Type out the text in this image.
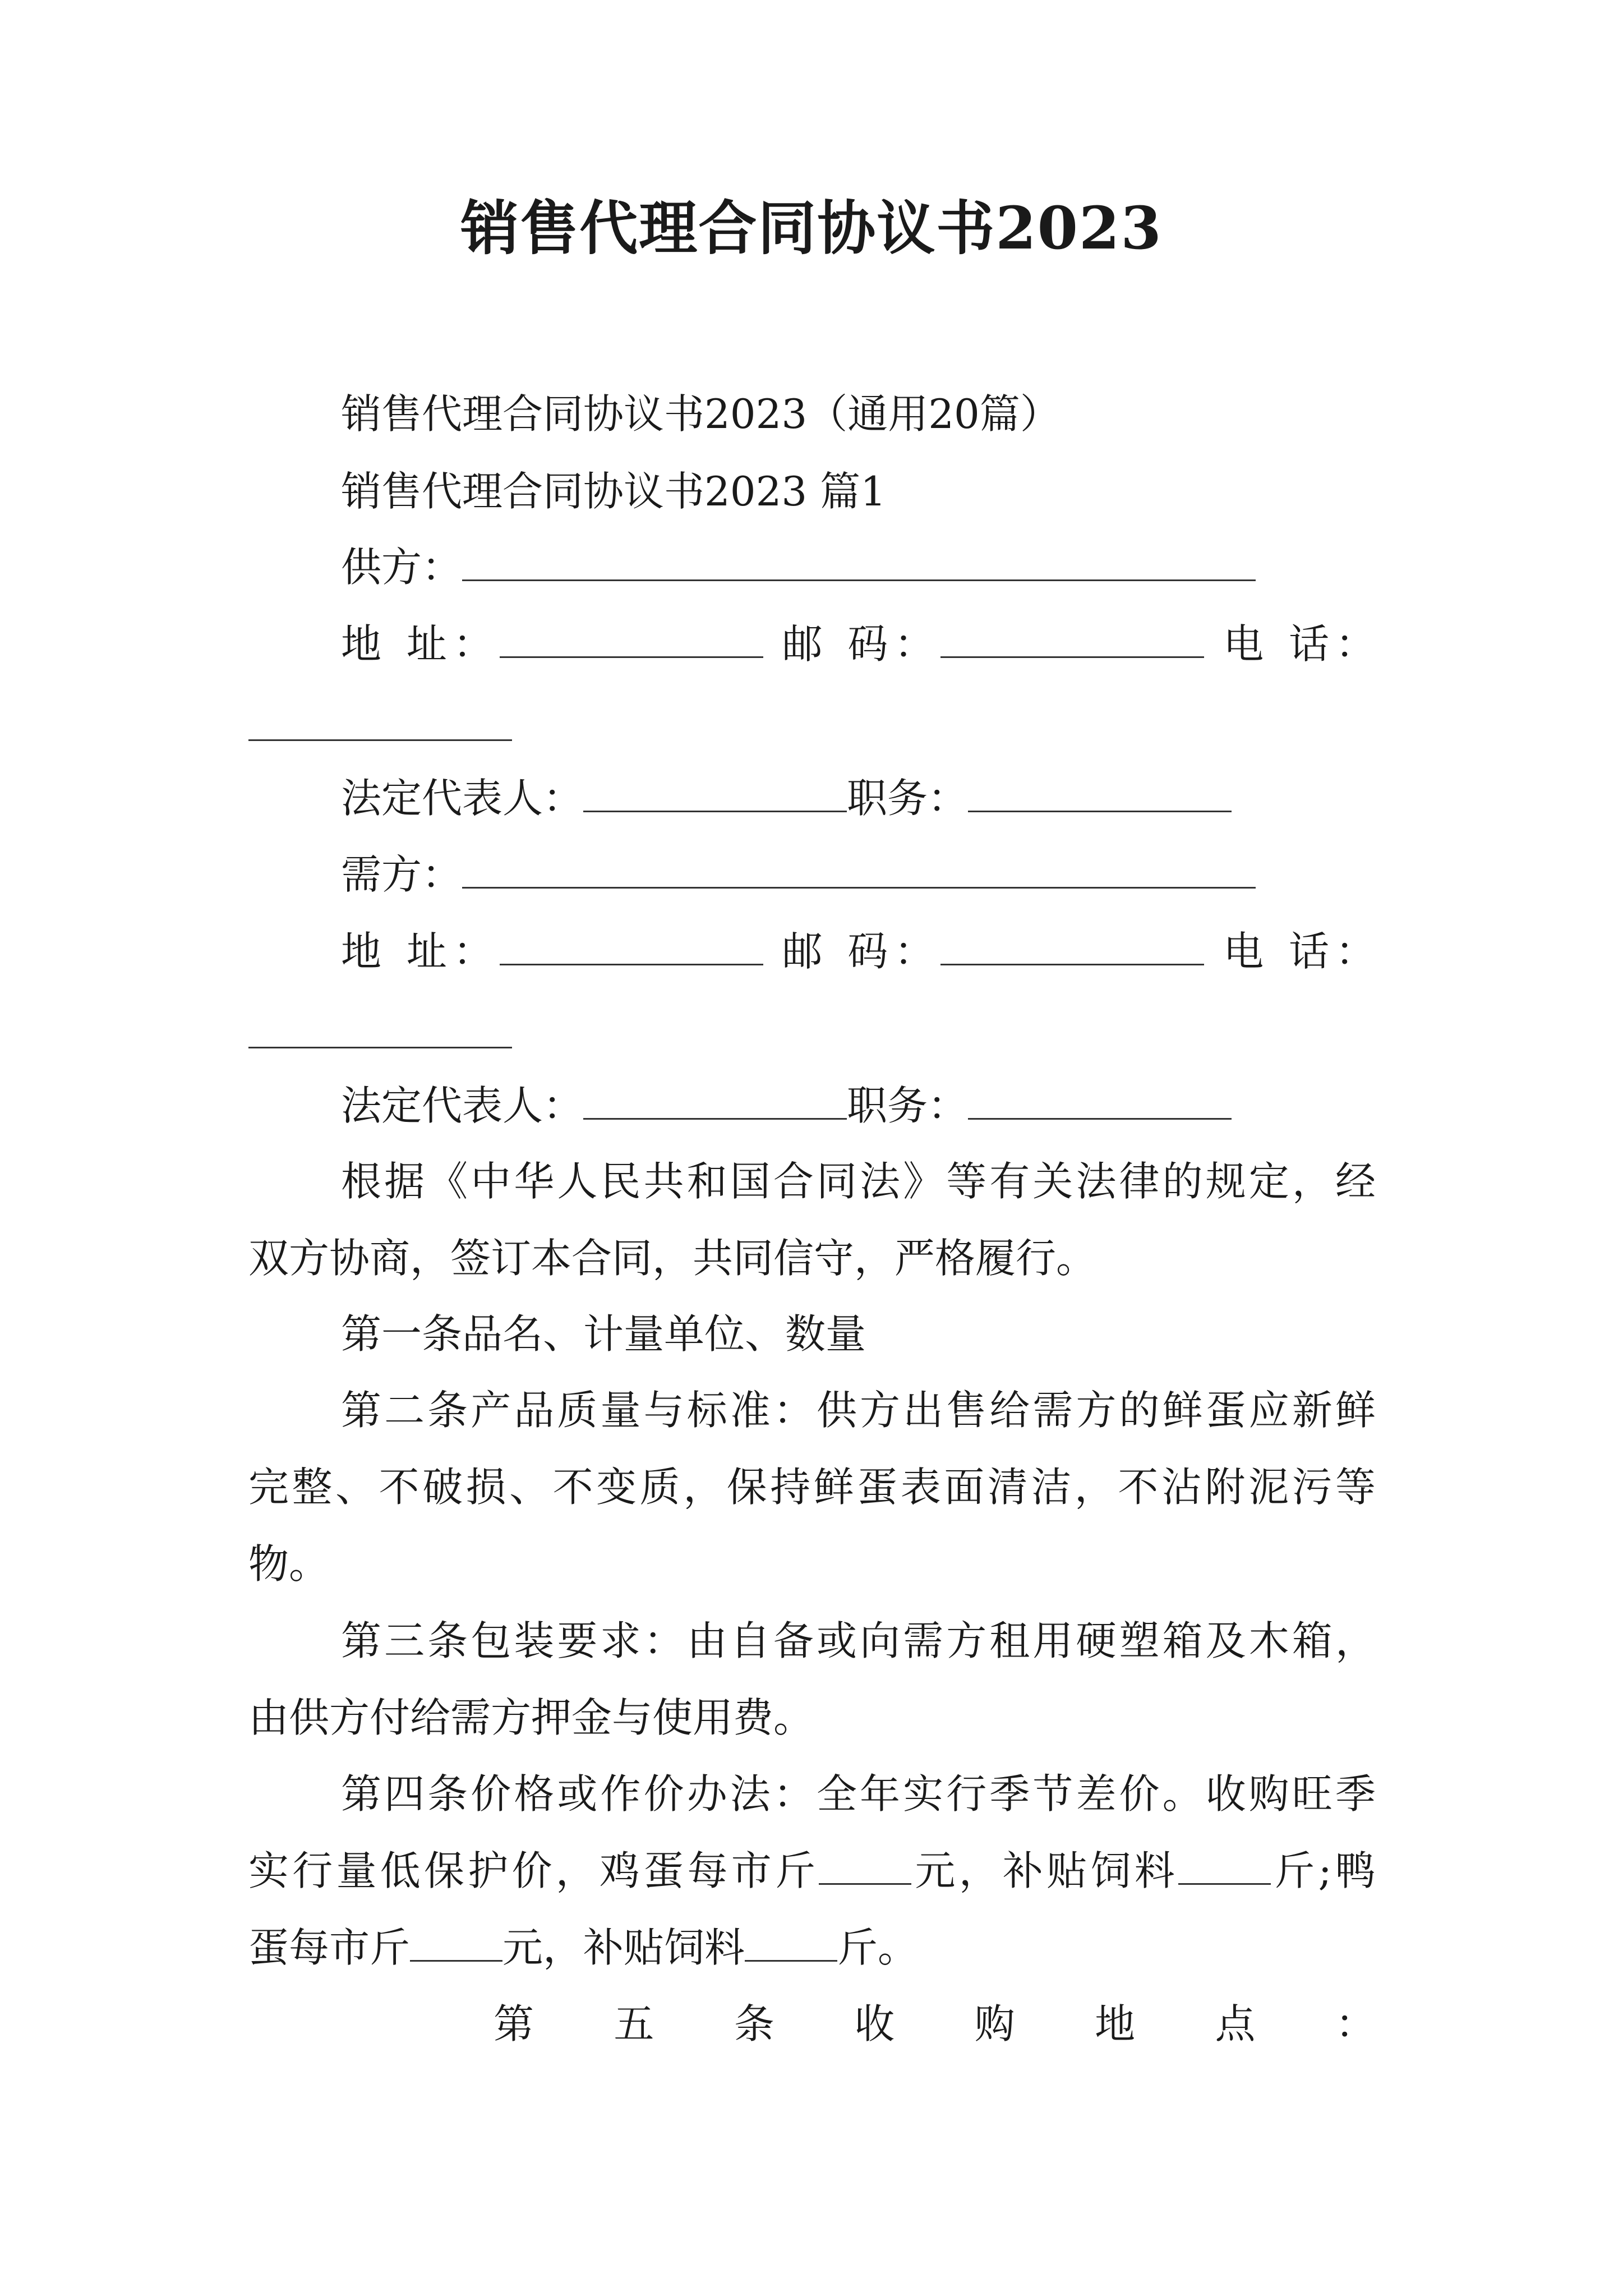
销售代理合同协议书2023
销售代理合同协议书2023（通用20篇）
销售代理合同协议书2023 篇1
供方：
地 址：	邮 码：	电 话：
法定代表人：	职务：
需方：
地 址：	邮 码：	电 话：
法定代表人：	职务：
根据《中华人民共和国合同法》等有关法律的规定，经
双方协商，签订本合同，共同信守，严格履行。
第一条品名、计量单位、数量
第二条产品质量与标准：供方出售给需方的鲜蛋应新鲜
完整、不破损、不变质，保持鲜蛋表面清洁，不沾附泥污等
物。
第三条包装要求：由自备或向需方租用硬塑箱及木箱，
由供方付给需方押金与使用费。
第四条价格或作价办法：全年实行季节差价。收购旺季
实行量低保护价，鸡蛋每市斤 元，补贴饲料 斤;鸭
蛋每市斤 元，补贴饲料 斤。
第 五 条 收 购 地 点 ：
